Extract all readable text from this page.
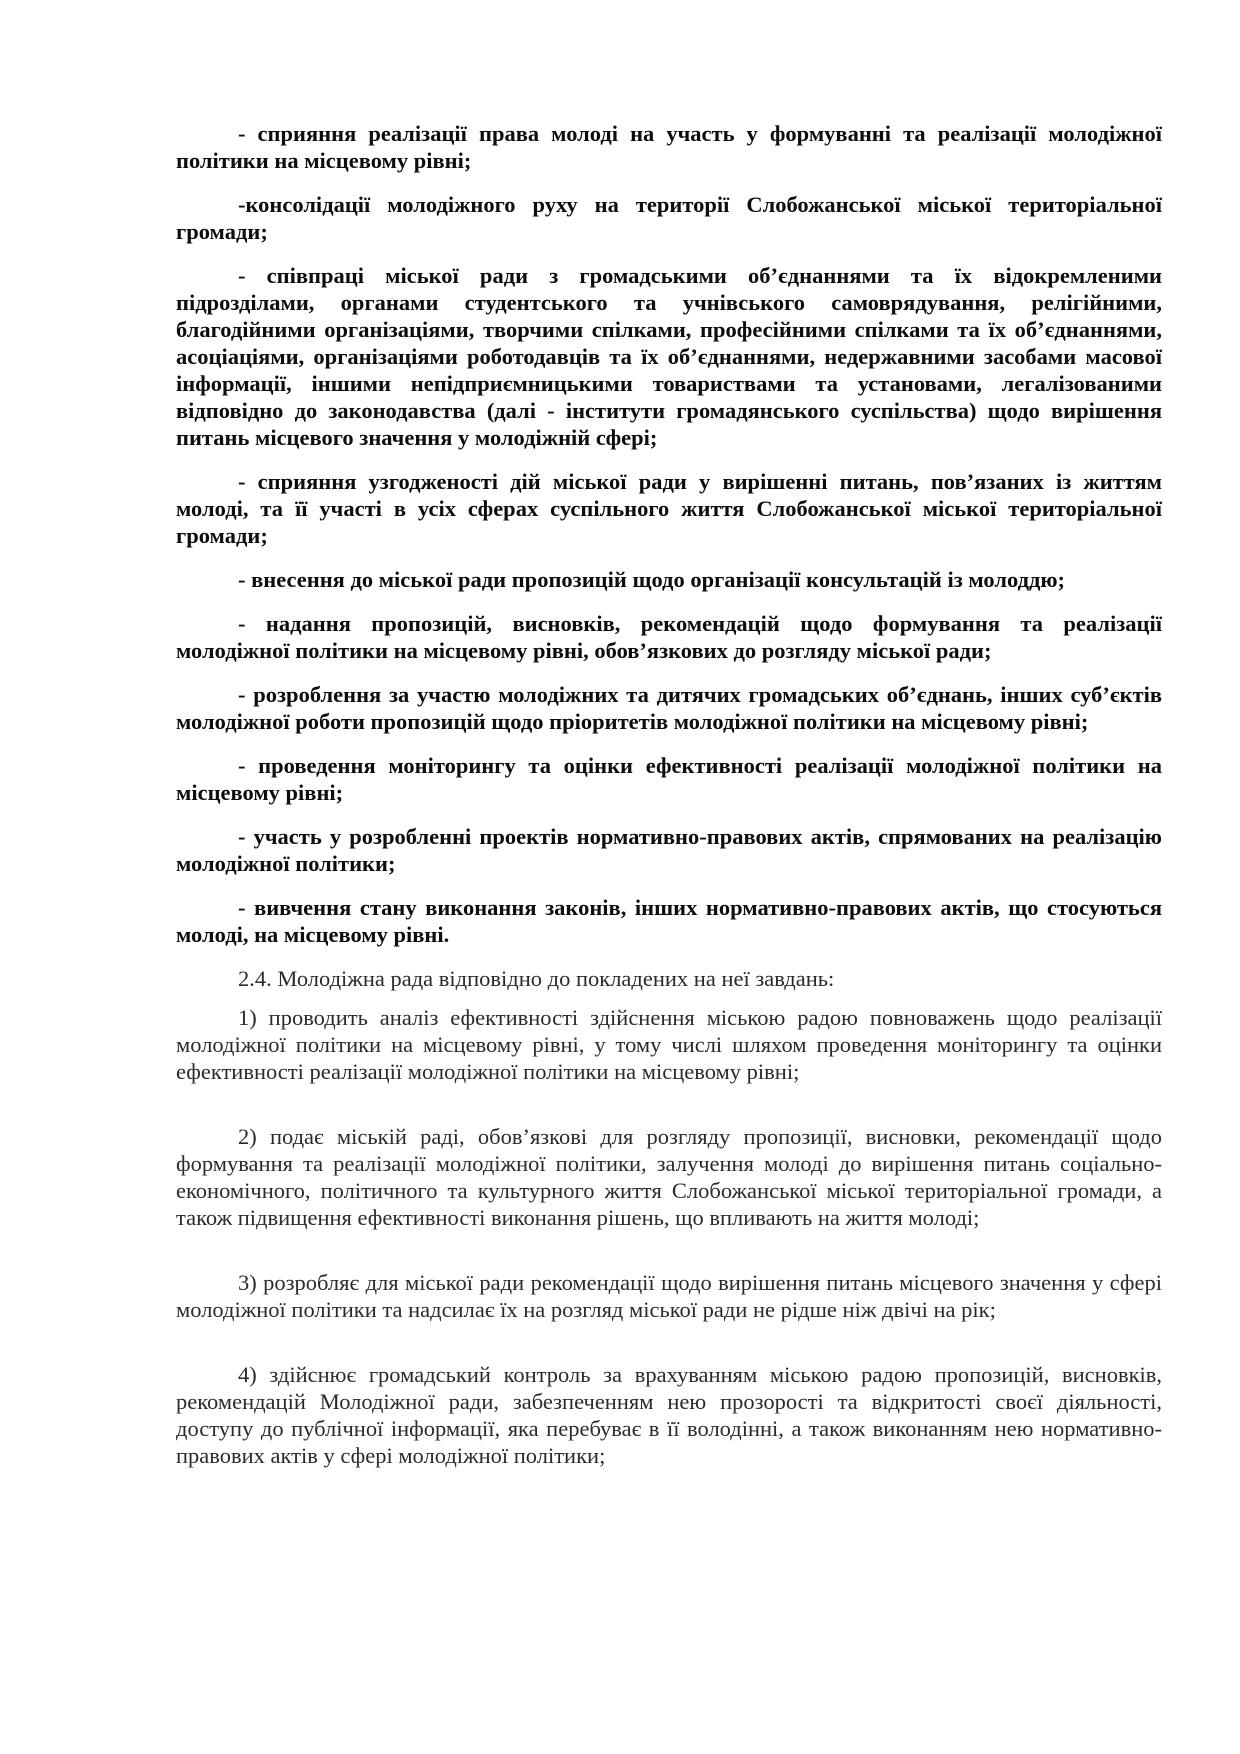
- сприяння реалізації права молоді на участь у формуванні та реалізації молодіжної політики на місцевому рівні;

-консолідації молодіжного руху на території Слобожанської міської територіальної громади;

- співпраці міської ради з громадськими об’єднаннями та їх відокремленими підрозділами, органами студентського та учнівського самоврядування, релігійними, благодійними організаціями, творчими спілками, професійними спілками та їх об’єднаннями, асоціаціями, організаціями роботодавців та їх об’єднаннями, недержавними засобами масової інформації, іншими непідприємницькими товариствами та установами, легалізованими відповідно до законодавства (далі - інститути громадянського суспільства) щодо вирішення питань місцевого значення у молодіжній сфері;

- сприяння узгодженості дій міської ради у вирішенні питань, пов’язаних із життям молоді, та її участі в усіх сферах суспільного життя Слобожанської міської територіальної громади;

- внесення до міської ради пропозицій щодо організації консультацій із молоддю;

- надання пропозицій, висновків, рекомендацій щодо формування та реалізації молодіжної політики на місцевому рівні, обов’язкових до розгляду міської ради;

- розроблення за участю молодіжних та дитячих громадських об’єднань, інших суб’єктів молодіжної роботи пропозицій щодо пріоритетів молодіжної політики на місцевому рівні;

- проведення моніторингу та оцінки ефективності реалізації молодіжної політики на місцевому рівні;

- участь у розробленні проектів нормативно-правових актів, спрямованих на реалізацію молодіжної політики;

- вивчення стану виконання законів, інших нормативно-правових актів, що стосуються молоді, на місцевому рівні.

2.4. Молодіжна рада відповідно до покладених на неї завдань:

1) проводить аналіз ефективності здійснення міською радою повноважень щодо реалізації молодіжної політики на місцевому рівні, у тому числі шляхом проведення моніторингу та оцінки ефективності реалізації молодіжної політики на місцевому рівні;

2) подає міській раді, обов’язкові для розгляду пропозиції, висновки, рекомендації щодо формування та реалізації молодіжної політики, залучення молоді до вирішення питань соціально-економічного, політичного та культурного життя Слобожанської міської територіальної громади, а також підвищення ефективності виконання рішень, що впливають на життя молоді;

3) розробляє для міської ради рекомендації щодо вирішення питань місцевого значення у сфері молодіжної політики та надсилає їх на розгляд міської ради не рідше ніж двічі на рік;

4) здійснює громадський контроль за врахуванням міською радою пропозицій, висновків, рекомендацій Молодіжної ради, забезпеченням нею прозорості та відкритості своєї діяльності, доступу до публічної інформації, яка перебуває в її володінні, а також виконанням нею нормативно-правових актів у сфері молодіжної політики;
